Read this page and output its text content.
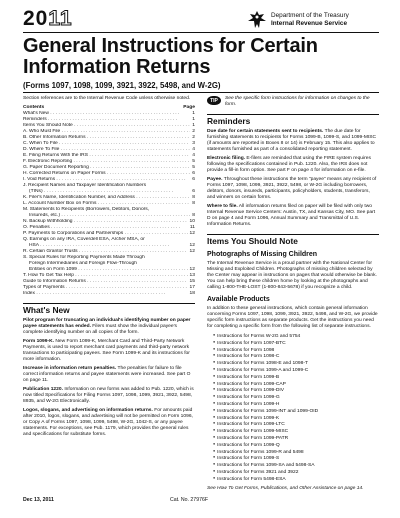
2011	Department of the Treasury
Internal Revenue Service
General Instructions for Certain Information Returns
(Forms 1097, 1098, 1099, 3921, 3922, 5498, and W-2G)

Section references are to the Internal Revenue Code unless otherwise noted.

Contents	Page
What's New . . .	1
Reminders . . .	1
Items You Should Note . . .	1
A. Who Must File . . .	2
B. Other Information Returns . . .	2
C. When To File . . .	3
D. Where To File . . .	4
E. Filing Returns With the IRS . . .	4
F. Electronic Reporting . . .	5
G. Paper Document Reporting . . .	5
H. Corrected Returns on Paper Forms . . .	6
I. Void Returns . . .	6
J. Recipient Names and Taxpayer Identification Numbers
(TINs) . . .	6
K. Filer's Name, Identification Number, and Address . . .	8
L. Account Number Box on Forms . . .	8
M. Statements to Recipients (Borrowers, Debtors, Donors,
Insureds, etc.) . . .	8
N. Backup Withholding . . .	10
O. Penalties . . .	11
P. Payments to Corporations and Partnerships . . .	12
Q. Earnings on any IRA, Coverdell ESA, Archer MSA, or
HSA . . .	12
R. Certain Grantor Trusts . . .	12
S. Special Rules for Reporting Payments Made Through
Foreign Intermediaries and Foreign Flow-Through
Entities on Form 1099 . . .	12
T. How To Get Tax Help . . .	13
Guide to Information Returns . . .	15
Types of Payments . . .	17
Index . . .	18
What's New

Pilot program for truncating an individual's identifying number on paper payee statements has ended. Filers must show the individual payee's complete identifying number on all copies of the form.

Form 1099-K. New Form 1099-K, Merchant Card and Third-Party Network Payments, is used to report merchant card payments and third-party network transactions to participating payees. See Form 1099-K and its instructions for more information.

Increase in information return penalties. The penalties for failure to file correct information returns and payee statements were increased. See part O on page 11.

Publication 1220. Information on new forms was added to Pub. 1220, which is now titled Specifications for Filing Forms 1097, 1098, 1099, 3921, 3922, 5498, 8935, and W-2G Electronically.

Logos, slogans, and advertising on information returns. For amounts paid after 2010, logos, slogans, and advertising will not be permitted on Form 1096, or Copy A of Forms 1097, 1098, 1099, 5498, W-2G, 1042-S, or any payee statements. For exceptions, see Pub. 1179, which provides the general rules and specifications for substitute forms.

TIP	See the specific form instructions for information on changes to the form.
Reminders

Due date for certain statements sent to recipients. The due date for furnishing statements to recipients for Forms 1099-B, 1099-S, and 1099-MISC (if amounts are reported in Boxes 8 or 14) is February 15. This also applies to statements furnished as part of a consolidated reporting statement.

Electronic filing. E-filers are reminded that using the FIRE system requires following the specifications contained in Pub. 1220. Also, the IRS does not provide a fill-in form option. See part F on page 4 for information on e-file.

Payee. Throughout these instructions the term "payee" means any recipient of Forms 1097, 1098, 1099, 3921, 3922, 5498, or W-2G including borrowers, debtors, donors, insureds, participants, policyholders, students, transferors, and winners on certain forms.

Where to file. All information returns filed on paper will be filed with only two Internal Revenue Service Centers: Austin, TX, and Kansas City, MO. See part D on page 4 and Form 1096, Annual Summary and Transmittal of U.S. Information Returns.

Items You Should Note
Photographs of Missing Children

The Internal Revenue Service is a proud partner with the National Center for Missing and Exploited Children. Photographs of missing children selected by the Center may appear in instructions on pages that would otherwise be blank. You can help bring these children home by looking at the photographs and calling 1-800-THE-LOST (1-800-843-5678) if you recognize a child.

Available Products

In addition to these general instructions, which contain general information concerning Forms 1097, 1098, 1099, 3921, 3922, 5498, and W-2G, we provide specific form instructions as separate products. Get the instructions you need for completing a specific form from the following list of separate instructions.

● Instructions for Forms W-2G and 5754
● Instructions for Form 1097-BTC
● Instructions for Form 1098
● Instructions for Form 1098-C
● Instructions for Forms 1098-E and 1098-T
● Instructions for Forms 1099-A and 1099-C
● Instructions for Form 1099-B
● Instructions for Form 1099-CAP
● Instructions for Form 1099-DIV
● Instructions for Form 1099-G
● Instructions for Form 1099-H
● Instructions for Forms 1099-INT and 1099-OID
● Instructions for Form 1099-K
● Instructions for Form 1099-LTC
● Instructions for Form 1099-MISC
● Instructions for Form 1099-PATR
● Instructions for Form 1099-Q
● Instructions for Forms 1099-R and 5498
● Instructions for Form 1099-S
● Instructions for Forms 1099-SA and 5498-SA
● Instructions for Forms 3921 and 3922
● Instructions for Form 5498-ESA

See How To Get Forms, Publications, and Other Assistance on page 14.

Dec 13, 2011	Cat. No. 27976F
